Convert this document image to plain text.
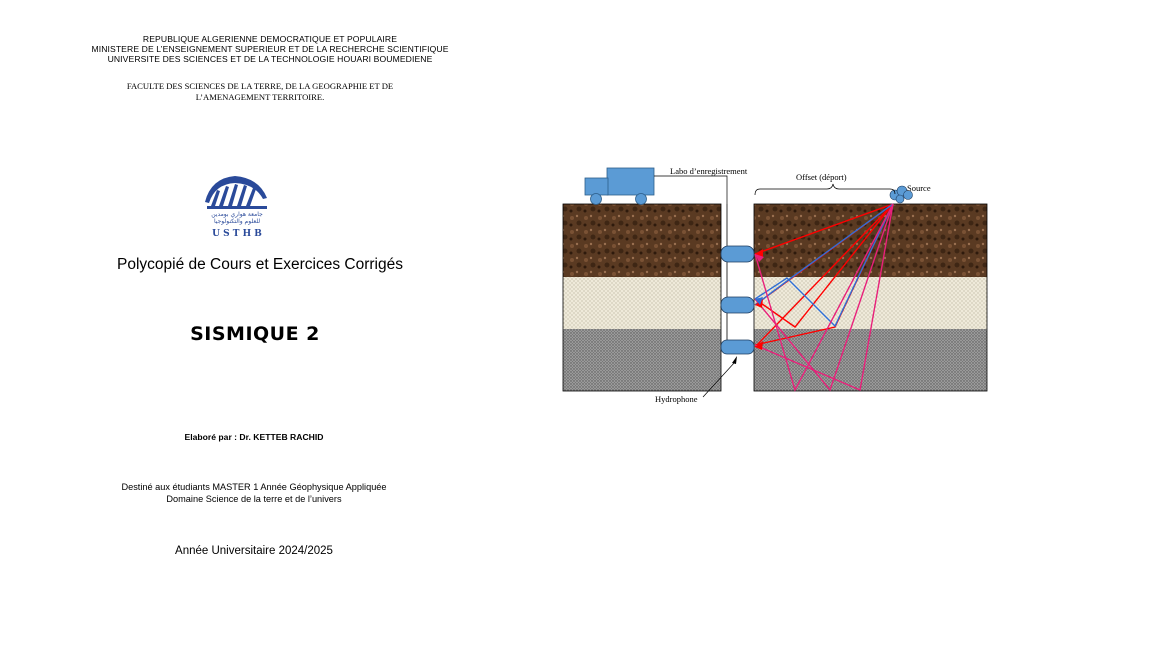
REPUBLIQUE ALGERIENNE DEMOCRATIQUE ET POPULAIRE
MINISTERE DE L’ENSEIGNEMENT SUPERIEUR ET DE LA RECHERCHE SCIENTIFIQUE
UNIVERSITE DES SCIENCES ET DE LA TECHNOLOGIE HOUARI BOUMEDIENE
FACULTE DES SCIENCES DE LA TERRE, DE LA GEOGRAPHIE ET DE
L’AMENAGEMENT TERRITOIRE.
جامعة هواري بومدين
للعلوم والتكنولوجيا
U S T H B
Polycopié de Cours et Exercices Corrigés
SISMIQUE 2
Elaboré par : Dr. KETTEB RACHID
Destiné aux étudiants MASTER 1 Année Géophysique Appliquée
Domaine Science de la terre et de l’univers
Année Universitaire 2024/2025
Labo d’enregistrement
Offset (déport)
Source
Hydrophone
